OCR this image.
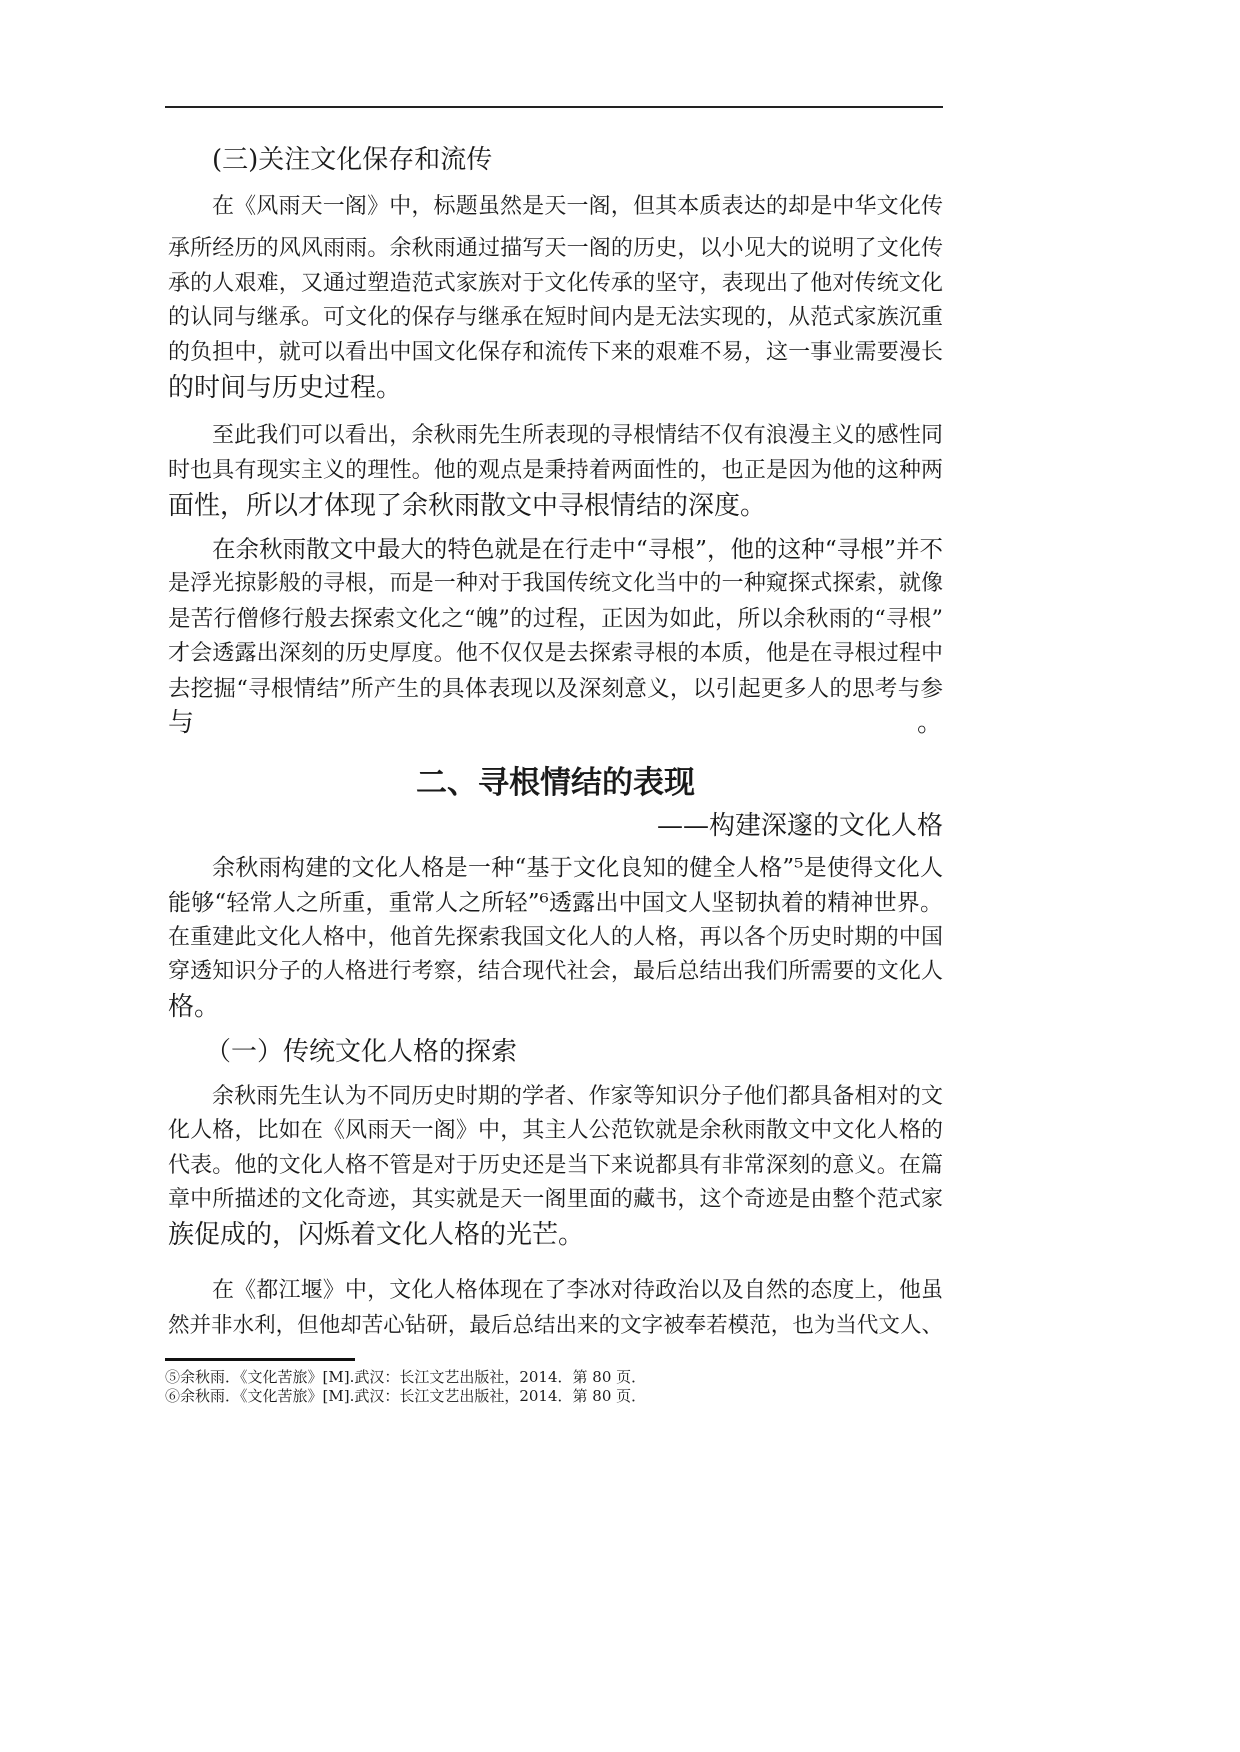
(三)关注文化保存和流传
在《风雨天一阁》中，标题虽然是天一阁，但其本质表达的却是中华文化传
承所经历的风风雨雨。余秋雨通过描写天一阁的历史，以小见大的说明了文化传
承的人艰难，又通过塑造范式家族对于文化传承的坚守，表现出了他对传统文化
的认同与继承。可文化的保存与继承在短时间内是无法实现的，从范式家族沉重
的负担中，就可以看出中国文化保存和流传下来的艰难不易，这一事业需要漫长
的时间与历史过程。
至此我们可以看出，余秋雨先生所表现的寻根情结不仅有浪漫主义的感性同
时也具有现实主义的理性。他的观点是秉持着两面性的，也正是因为他的这种两
面性，所以才体现了余秋雨散文中寻根情结的深度。
在余秋雨散文中最大的特色就是在行走中“寻根”，他的这种“寻根”并不
是浮光掠影般的寻根，而是一种对于我国传统文化当中的一种窥探式探索，就像
是苦行僧修行般去探索文化之“魄”的过程，正因为如此，所以余秋雨的“寻根”
才会透露出深刻的历史厚度。他不仅仅是去探索寻根的本质，他是在寻根过程中
去挖掘“寻根情结”所产生的具体表现以及深刻意义，以引起更多人的思考与参
与。
余秋雨构建的文化人格是一种“基于文化良知的健全人格”⁵是使得文化人
能够“轻常人之所重，重常人之所轻”⁶透露出中国文人坚韧执着的精神世界。
在重建此文化人格中，他首先探索我国文化人的人格，再以各个历史时期的中国
穿透知识分子的人格进行考察，结合现代社会，最后总结出我们所需要的文化人
格。
余秋雨先生认为不同历史时期的学者、作家等知识分子他们都具备相对的文
化人格，比如在《风雨天一阁》中，其主人公范钦就是余秋雨散文中文化人格的
代表。他的文化人格不管是对于历史还是当下来说都具有非常深刻的意义。在篇
章中所描述的文化奇迹，其实就是天一阁里面的藏书，这个奇迹是由整个范式家
族促成的，闪烁着文化人格的光芒。
在《都江堰》中，文化人格体现在了李冰对待政治以及自然的态度上，他虽
然并非水利，但他却苦心钻研，最后总结出来的文字被奉若模范，也为当代文人、
二、寻根情结的表现
——构建深邃的文化人格
（一）传统文化人格的探索
⑤余秋雨．《文化苦旅》[M].武汉：长江文艺出版社，2014．第 80 页．
⑥余秋雨．《文化苦旅》[M].武汉：长江文艺出版社，2014．第 80 页．
